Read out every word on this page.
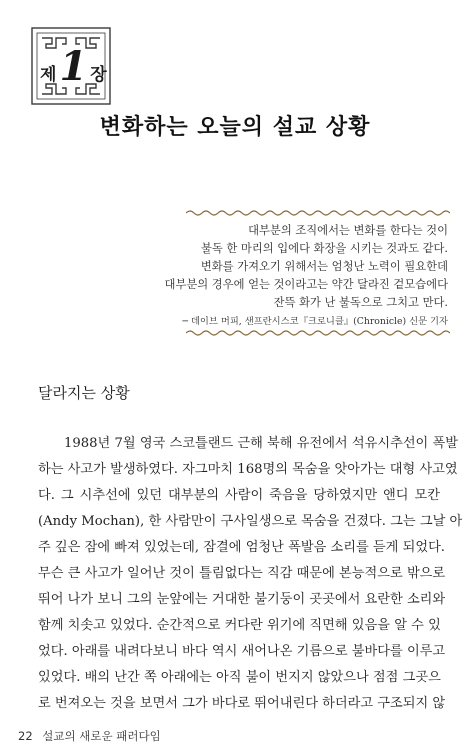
제 1 장
변화하는 오늘의 설교 상황
대부분의 조직에서는 변화를 한다는 것이
불독 한 마리의 입에다 화장을 시키는 것과도 같다.
변화를 가져오기 위해서는 엄청난 노력이 필요한데
대부분의 경우에 얻는 것이라고는 약간 달라진 겉모습에다
잔뜩 화가 난 불독으로 그치고 만다.
─ 데이브 머피, 샌프란시스코『크로니클』(Chronicle) 신문 기자
달라지는 상황
1988년 7월 영국 스코틀랜드 근해 북해 유전에서 석유시추선이 폭발
하는 사고가 발생하였다. 자그마치 168명의 목숨을 앗아가는 대형 사고였
다. 그 시추선에 있던 대부분의 사람이 죽음을 당하였지만 앤디 모칸
(Andy Mochan), 한 사람만이 구사일생으로 목숨을 건졌다. 그는 그날 아
주 깊은 잠에 빠져 있었는데, 잠결에 엄청난 폭발음 소리를 듣게 되었다.
무슨 큰 사고가 일어난 것이 틀림없다는 직감 때문에 본능적으로 밖으로
뛰어 나가 보니 그의 눈앞에는 거대한 불기둥이 곳곳에서 요란한 소리와
함께 치솟고 있었다. 순간적으로 커다란 위기에 직면해 있음을 알 수 있
었다. 아래를 내려다보니 바다 역시 새어나온 기름으로 불바다를 이루고
있었다. 배의 난간 쪽 아래에는 아직 불이 번지지 않았으나 점점 그곳으
로 번져오는 것을 보면서 그가 바다로 뛰어내린다 하더라고 구조되지 않
22 설교의 새로운 패러다임
